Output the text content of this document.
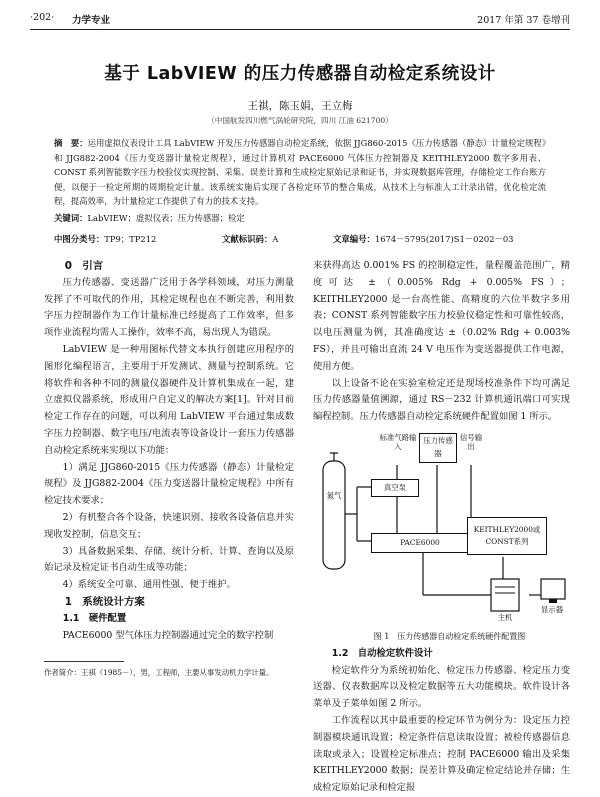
·202· 力学专业	2017 年第 37 卷增刊
基于 LabVIEW 的压力传感器自动检定系统设计
王祺，陈玉娟，王立梅
（中国航发四川燃气涡轮研究院，四川 江油 621700）
摘　要：运用虚拟仪表设计工具 LabVIEW 开发压力传感器自动检定系统，依据 JJG860-2015《压力传感器（静态）计量检定规程》和 JJG882-2004《压力变送器计量检定规程》，通过计算机对 PACE6000 气体压力控制器及 KEITHLEY2000 数字多用表、CONST 系列智能数字压力校验仪实现控制、采集、误差计算和生成检定原始记录和证书，并实现数据库管理，存储检定工作台账方便，以便于一检定所期的周期检定计量。该系统实施后实现了各检定环节的整合集成，从技术上与标准人工计录出错，优化检定流程，提高效率，为计量检定工作提供了有力的技术支持。
关键词：LabVIEW；虚拟仪表；压力传感器；检定
中图分类号：TP9；TP212	文献标识码：A	文章编号：1674－5795(2017)S1－0202－03

0　引言

压力传感器、变送器广泛用于各学科领域，对压力测量发挥了不可取代的作用，其检定规程也在不断完善，利用数字压力控制器作为工作计量标准已经提高了工作效率，但多项作业流程均需人工操作，效率不高，易出现人为错误。

LabVIEW 是一种用图标代替文本执行创建应用程序的图形化编程语言，主要用于开发测试、测量与控制系统。它将软件和各种不同的测量仪器硬件及计算机集成在一起，建立虚拟仪器系统，形成用户自定义的解决方案[1]。针对目前检定工作存在的问题，可以利用 LabVIEW 平台通过集成数字压力控制器、数字电压/电流表等设备设计一套压力传感器自动检定系统来实现以下功能：

1）满足 JJG860-2015《压力传感器（静态）计量检定规程》及 JJG882-2004《压力变送器计量检定规程》中所有检定技术要求；

2）有机整合各个设备，快速识别、接收各设备信息并实现收发控制，信息交互；

3）具备数据采集、存储、统计分析、计算、查询以及原始记录及检定证书自动生成等功能；

4）系统安全可靠、通用性强、便于维护。

1　系统设计方案

1.1　硬件配置

PACE6000 型气体压力控制器通过完全的数字控制

作者简介：王祺（1985－），男，工程师，主要从事发动机力学计量。

来获得高达 0.001% FS 的控制稳定性，量程覆盖范围广，精度可达 ±（0.005% Rdg + 0.005% FS）；KEITHLEY2000 是一台高性能、高精度的六位半数字多用表；CONST 系列智能数字压力校验仪稳定性和可靠性较高，以电压测量为例，其准确度达 ±（0.02% Rdg + 0.003% FS），并且可输出直流 24 V 电压作为变送器提供工作电源，使用方便。

以上设备不论在实验室检定还是现场校准条件下均可满足压力传感器量值溯源，通过 RS－232 计算机通讯端口可实现编程控制。压力传感器自动检定系统硬件配置如图 1 所示。

氮气
真空泵
标准气路输入
压力传感器
信号输出
PACE6000
KEITHLEY2000或CONST系列
主机
显示器

图 1　压力传感器自动检定系统硬件配置图

1.2　自动检定软件设计

检定软件分为系统初始化、检定压力传感器、检定压力变送器、仪表数据库以及检定数据等五大功能模块。软件设计各菜单及子菜单如图 2 所示。

工作流程以其中最重要的检定环节为例分为：设定压力控制器模块通讯设置；检定条件信息读取设置；被检传感器信息读取或录入；设置检定标准点；控制 PACE6000 输出及采集 KEITHLEY2000 数据；误差计算及确定检定结论并存储；生成检定原始记录和检定报
